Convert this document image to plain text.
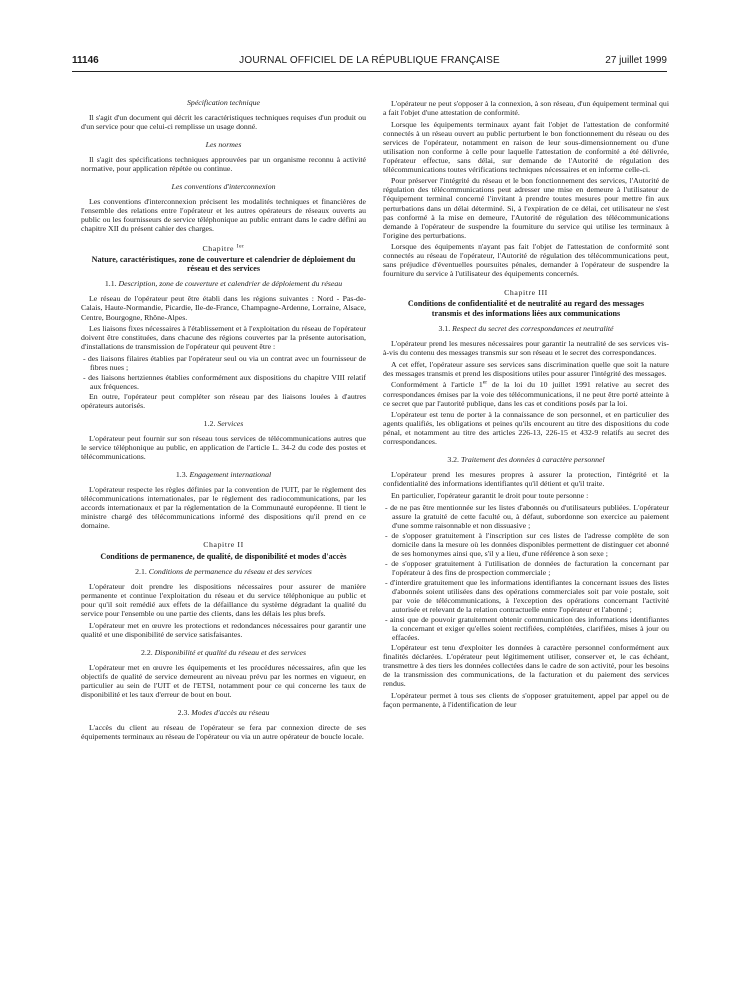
11146	JOURNAL OFFICIEL DE LA RÉPUBLIQUE FRANÇAISE	27 juillet 1999
Spécification technique

Il s'agit d'un document qui décrit les caractéristiques techniques requises d'un produit ou d'un service pour que celui-ci remplisse un usage donné.

Les normes

Il s'agit des spécifications techniques approuvées par un organisme reconnu à activité normative, pour application répétée ou continue.

Les conventions d'interconnexion

Les conventions d'interconnexion précisent les modalités techniques et financières de l'ensemble des relations entre l'opérateur et les autres opérateurs de réseaux ouverts au public ou les fournisseurs de service téléphonique au public entrant dans le cadre défini au chapitre XII du présent cahier des charges.

Chapitre $^{Ier}$
Nature, caractéristiques, zone de couverture et calendrier de déploiement du réseau et des services
1.1. Description, zone de couverture et calendrier de déploiement du réseau

Le réseau de l'opérateur peut être établi dans les régions suivantes : Nord - Pas-de-Calais, Haute-Normandie, Picardie, Ile-de-France, Champagne-Ardenne, Lorraine, Alsace, Centre, Bourgogne, Rhône-Alpes.

Les liaisons fixes nécessaires à l'établissement et à l'exploitation du réseau de l'opérateur doivent être constituées, dans chacune des régions couvertes par la présente autorisation, d'installations de transmission de l'opérateur qui peuvent être :

- des liaisons filaires établies par l'opérateur seul ou via un contrat avec un fournisseur de fibres nues ;

- des liaisons hertziennes établies conformément aux dispositions du chapitre VIII relatif aux fréquences.

En outre, l'opérateur peut compléter son réseau par des liaisons louées à d'autres opérateurs autorisés.

1.2. Services

L'opérateur peut fournir sur son réseau tous services de télécommunications autres que le service téléphonique au public, en application de l'article L. 34-2 du code des postes et télécommunications.

1.3. Engagement international

L'opérateur respecte les règles définies par la convention de l'UIT, par le règlement des télécommunications internationales, par le règlement des radiocommunications, par les accords internationaux et par la réglementation de la Communauté européenne. Il tient le ministre chargé des télécommunications informé des dispositions qu'il prend en ce domaine.

Chapitre II
Conditions de permanence, de qualité, de disponibilité et modes d'accès
2.1. Conditions de permanence du réseau et des services

L'opérateur doit prendre les dispositions nécessaires pour assurer de manière permanente et continue l'exploitation du réseau et du service téléphonique au public et pour qu'il soit remédié aux effets de la défaillance du système dégradant la qualité du service pour l'ensemble ou une partie des clients, dans les délais les plus brefs.

L'opérateur met en œuvre les protections et redondances nécessaires pour garantir une qualité et une disponibilité de service satisfaisantes.

2.2. Disponibilité et qualité du réseau et des services

L'opérateur met en œuvre les équipements et les procédures nécessaires, afin que les objectifs de qualité de service demeurent au niveau prévu par les normes en vigueur, en particulier au sein de l'UIT et de l'ETSI, notamment pour ce qui concerne les taux de disponibilité et les taux d'erreur de bout en bout.

2.3. Modes d'accès au réseau

L'accès du client au réseau de l'opérateur se fera par connexion directe de ses équipements terminaux au réseau de l'opérateur ou via un autre opérateur de boucle locale.

L'opérateur ne peut s'opposer à la connexion, à son réseau, d'un équipement terminal qui a fait l'objet d'une attestation de conformité.

Lorsque les équipements terminaux ayant fait l'objet de l'attestation de conformité connectés à un réseau ouvert au public perturbent le bon fonctionnement du réseau ou des services de l'opérateur, notamment en raison de leur sous-dimensionnement ou d'une utilisation non conforme à celle pour laquelle l'attestation de conformité a été délivrée, l'opérateur effectue, sans délai, sur demande de l'Autorité de régulation des télécommunications toutes vérifications techniques nécessaires et en informe celle-ci.

Pour préserver l'intégrité du réseau et le bon fonctionnement des services, l'Autorité de régulation des télécommunications peut adresser une mise en demeure à l'utilisateur de l'équipement terminal concerné l'invitant à prendre toutes mesures pour mettre fin aux perturbations dans un délai déterminé. Si, à l'expiration de ce délai, cet utilisateur ne s'est pas conformé à la mise en demeure, l'Autorité de régulation des télécommunications demande à l'opérateur de suspendre la fourniture du service qui utilise les terminaux à l'origine des perturbations.

Lorsque des équipements n'ayant pas fait l'objet de l'attestation de conformité sont connectés au réseau de l'opérateur, l'Autorité de régulation des télécommunications peut, sans préjudice d'éventuelles poursuites pénales, demander à l'opérateur de suspendre la fourniture du service à l'utilisateur des équipements concernés.

Chapitre III
Conditions de confidentialité et de neutralité au regard des messages transmis et des informations liées aux communications
3.1. Respect du secret des correspondances et neutralité

L'opérateur prend les mesures nécessaires pour garantir la neutralité de ses services vis-à-vis du contenu des messages transmis sur son réseau et le secret des correspondances.

A cet effet, l'opérateur assure ses services sans discrimination quelle que soit la nature des messages transmis et prend les dispositions utiles pour assurer l'intégrité des messages.

Conformément à l'article 1er de la loi du 10 juillet 1991 relative au secret des correspondances émises par la voie des télécommunications, il ne peut être porté atteinte à ce secret que par l'autorité publique, dans les cas et conditions posés par la loi.

L'opérateur est tenu de porter à la connaissance de son personnel, et en particulier des agents qualifiés, les obligations et peines qu'ils encourent au titre des dispositions du code pénal, et notamment au titre des articles 226-13, 226-15 et 432-9 relatifs au secret des correspondances.

3.2. Traitement des données à caractère personnel

L'opérateur prend les mesures propres à assurer la protection, l'intégrité et la confidentialité des informations identifiantes qu'il détient et qu'il traite.

En particulier, l'opérateur garantit le droit pour toute personne :

- de ne pas être mentionnée sur les listes d'abonnés ou d'utilisateurs publiées. L'opérateur assure la gratuité de cette faculté ou, à défaut, subordonne son exercice au paiement d'une somme raisonnable et non dissuasive ;

- de s'opposer gratuitement à l'inscription sur ces listes de l'adresse complète de son domicile dans la mesure où les données disponibles permettent de distinguer cet abonné de ses homonymes ainsi que, s'il y a lieu, d'une référence à son sexe ;

- de s'opposer gratuitement à l'utilisation de données de facturation la concernant par l'opérateur à des fins de prospection commerciale ;

- d'interdire gratuitement que les informations identifiantes la concernant issues des listes d'abonnés soient utilisées dans des opérations commerciales soit par voie postale, soit par voie de télécommunications, à l'exception des opérations concernant l'activité autorisée et relevant de la relation contractuelle entre l'opérateur et l'abonné ;

- ainsi que de pouvoir gratuitement obtenir communication des informations identifiantes la concernant et exiger qu'elles soient rectifiées, complétées, clarifiées, mises à jour ou effacées.

L'opérateur est tenu d'exploiter les données à caractère personnel conformément aux finalités déclarées. L'opérateur peut légitimement utiliser, conserver et, le cas échéant, transmettre à des tiers les données collectées dans le cadre de son activité, pour les besoins de la transmission des communications, de la facturation et du paiement des services rendus.

L'opérateur permet à tous ses clients de s'opposer gratuitement, appel par appel ou de façon permanente, à l'identification de leur
